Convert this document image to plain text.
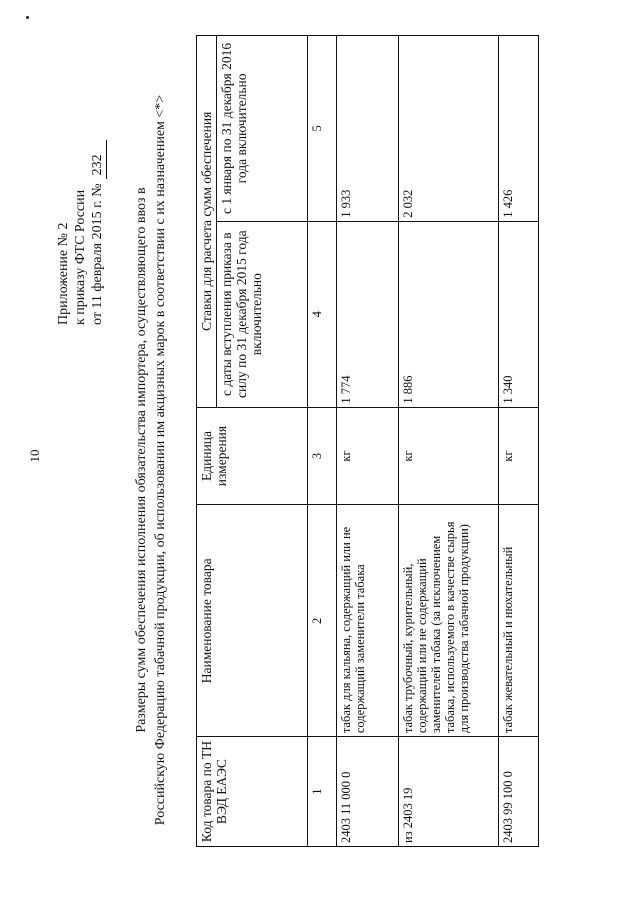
10
Приложение № 2 к приказу ФТС России от 11 февраля 2015 г. №
232
Размеры сумм обеспечения исполнения обязательства импортера, осуществляющего ввоз в Российскую Федерацию табачной продукции, об использовании им акцизных марок в соответствии с их назначением <*> Код товара по ТН ВЭД ЕАЭС	Наименование товара	Единица измерения	Ставки для расчета сумм обеспечения	
			с даты вступления приказа в силу по 31 декабря 2015 года включительно	с 1 января по 31 декабря 2016 года включительно
1	2	3	4	5
2403 11 000 0	табак для кальяна, содержащий или не содержащий заменители табака	кг	1 774	1 933
из 2403 19	табак трубочный, курительный, содержащий или не содержащий заменителей табака (за исключением табака, используемого в качестве сырья для производства табачной продукции)	кг	1 886	2 032
2403 99 100 0	табак жевательный и нюхательный	кг	1 340	1 426
